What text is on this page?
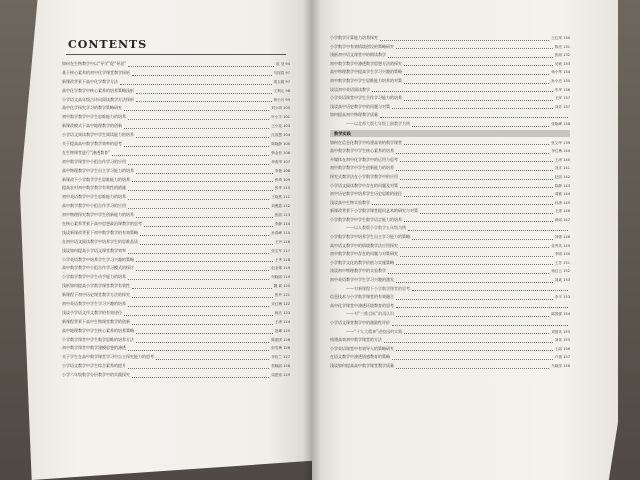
CONTENTS
如何在生物教学中以“导学”促“导思”	崔 莹 94
基于核心素养的初中化学课堂教学探析	马尾春 97
新课改背景下高中化学教学方法	胡玉娟 97
高中化学教学中核心素养的培养策略浅析	王利元 98
小学语文高年级古诗词阅读教学方法探析	杨小川 99
高中化学探究学习的教学策略研究	刘少明 100
初中数学教学中学生思维能力的培养	叶小宇 101
新课改模式下高中地理教学的创新	王小花 103
小学语文阅读教学中学生阅读能力的培养	沈成慧 104
关于提高高中数学教学效率的思考	陈晓静 105
在生物课堂进行“渗透教育”	韩金松 106
初中数学课堂中小组合作学习的应用	李燕华 107
高中物理教学中学生自主学习能力的培养	李艳 108
新课改下小学数学学生思维能力的培养	张琦 109
提高农村初中数学教学有效性的措施	张华 110
初中英语教学中学生思维能力的培养	王晓燕 111
高中数学教学中小组合作学习的应用	刘俊霞 112
初中物理探究教学中学生创新能力的培养	张丽 113
在核心素养背景下高中思想政治课教学的思考	李静 114
浅谈新课改背景下初中数学教学的有效策略	孙春峰 115
在初中语文阅读教学中培养学生的思维品质	王丹 116
浅谈如何提高小学语文课堂教学效率	张宝军 117
小学英语教学中培养学生学习兴趣的策略	王秀 118
高中数学教学中小组合作学习模式的探讨	赵亚娟 119
小学数学教学中学生动手能力的培养	何晓丽 119
浅析如何提高小学数学课堂教学有效性	魏 斌 120
新课程下初中历史课堂教学方法的探究	张玲 121
初中英语教学中学生学习兴趣的培养	宋红梅 122
浅谈小学语文作文教学的有效途径	杨洁 123
新课程背景下高中生物课堂教学的创新	王涛 124
高中地理教学中学生核心素养的培养策略	范峰 125
小学数学课堂中学生数学思维的培养方法	陈建国 126
初中数学课堂中数学建模思想的渗透	彭雪梅 126
关于学生在高中数学课堂学习中自主探究能力的思考	李桂兰 127
小学语文教学中学生综合素养的提升	蔡晓丽 128
小学六年级数学分层教学中的实践探究	周建伟 129
小学数学计算能力培养探究	王红萍 130
小学数学中有效情境创设的策略研究	陈亮 131
浅析初中语文课堂中的朗读教学	张丽 132
初中数学教学中渗透数学思想方法的探究	吴敏 133
高中物理教学中提高学生学习兴趣的策略	杨小琴 134
初中数学教学中学生思维能力培养的对策	孙小亮 135
谈谈初中英语阅读教学	朱华 136
小学英语课堂中学生合作学习能力的培养	王萍 137
浅谈高中历史教学中的问题与对策	刘芳 137
如何提高初中物理教学质量
——以北师大版七年级上册教学为例	张晓峰 138
教学实践
如何在信息化教学中构建高效的数学课堂	张文华 139
高中数学教学中学生核心素养的培养	李红梅 140
多媒体在初中化学教学中的运用与思考	王涛 140
初中数学教学中学生创新能力的培养	刘洋 141
探究式教学法在小学数学教学中的应用	赵丽 142
小学语文阅读教学中存在的问题及对策	陈静 143
初中历史教学中培养学生历史思维的途径	周敏 144
浅谈高中生物实验教学	孙涛 145
新课改背景下小学数学课堂提问艺术的研究与对策	王建 146
小学数学教学中学生数学语言能力的培养	黄丽 147
——以人教版小学数学五年级为例
小学数学教学中培养学生自主学习能力的策略	刘强 148
高中语文教学中的情境教学法应用探究	张秀英 149
初中数学教学中存在的问题与对策研究	李明 150
小学数学文化的教学价值与实施策略	王芳 151
浅谈初中物理教学中的实验教学	杨红云 152
初中英语教学中学生学习兴趣的激发	刘欢 153
——对新课程下小学数学课堂的思考
信息技术与小学数学课堂的有效融合	李平 153
高中化学课堂中渗透环境教育的思考
——对“三维目标”的再认识	陈国强 154
小学语文课堂教学中的激励性评价
——“十九大精神”进校园的实践	刘国英 155
构建高效初中数学课堂的方法	刘伟 155
小学英语课堂中有效导入的策略研究	王丽 156
在语文教学中渗透情感教育的策略	卢瑞 157
浅谈如何提高高中数学课堂教学质量	马晓萍 158
